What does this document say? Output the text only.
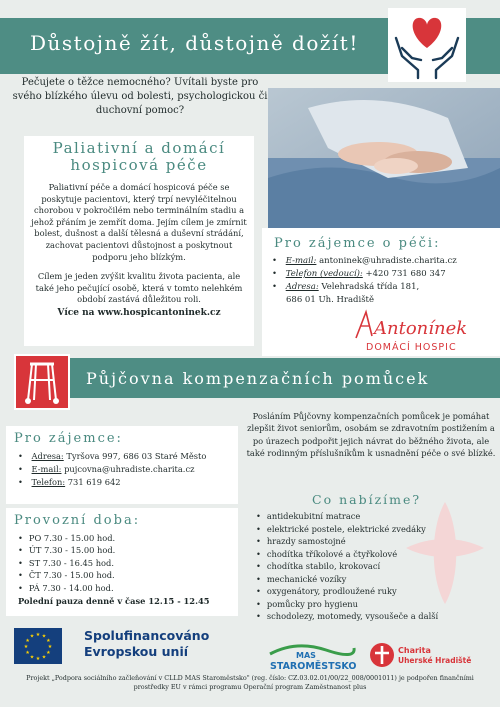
Důstojně žít, důstojně dožít!
Pečujete o těžce nemocného? Uvítali byste pro svého blízkého úlevu od bolesti, psychologickou či duchovní pomoc?
Paliativní a domácí
hospicová péče

Paliativní péče a domácí hospicová péče se poskytuje pacientovi, který trpí nevyléčitelnou chorobou v pokročilém nebo terminálním stadiu a jehož přáním je zemřít doma. Jejím cílem je zmírnit bolest, dušnost a další tělesná a duševní strádání, zachovat pacientovi důstojnost a poskytnout podporu jeho blízkým.

Cílem je jeden zvýšit kvalitu života pacienta, ale také jeho pečující osobě, která v tomto nelehkém období zastává důležitou roli.

Více na www.hospicantoninek.cz

Pro zájemce o péči:
• E-mail: antoninek@uhradiste.charita.cz
• Telefon (vedoucí): +420 731 680 347
• Adresa: Velehradská třída 181,
686 01 Uh. Hradiště
Antonínek
DOMÁCÍ HOSPIC
Půjčovna kompenzačních pomůcek
Pro zájemce:
• Adresa: Tyršova 997, 686 03 Staré Město
• E-mail: pujcovna@uhradiste.charita.cz
• Telefon: 731 619 642
Provozní doba:
• PO 7.30 - 15.00 hod.
• ÚT 7.30 - 15.00 hod.
• ST 7.30 - 16.45 hod.
• ČT 7.30 - 15.00 hod.
• PÁ 7.30 - 14.00 hod.
Polední pauza denně v čase 12.15 - 12.45
Posláním Půjčovny kompenzačních pomůcek je pomáhat zlepšit život seniorům, osobám se zdravotním postižením a po úrazech podpořit jejich návrat do běžného života, ale také rodinným příslušníkům k usnadnění péče o své blízké.
Co nabízíme?
• antidekubitní matrace
• elektrické postele, elektrické zvedáky
• hrazdy samostojné
• chodítka tříkolové a čtyřkolové
• chodítka stabilo, krokovací
• mechanické vozíky
• oxygenátory, prodloužené ruky
• pomůcky pro hygienu
• schodolezy, motomedy, vysoušeče a další
★ ★
★
★
★
★
★
★
★
★
★
★	Spolufinancováno
Evropskou unií	MAS
STAROMĚSTSKO
Charita
Uherské Hradiště
Projekt „Podpora sociálního začleňování v CLLD MAS Staroměstsko" (reg. číslo: CZ.03.02.01/00/22_008/0001011) je podpořen finančními prostředky EU v rámci programu Operační program Zaměstnanost plus
